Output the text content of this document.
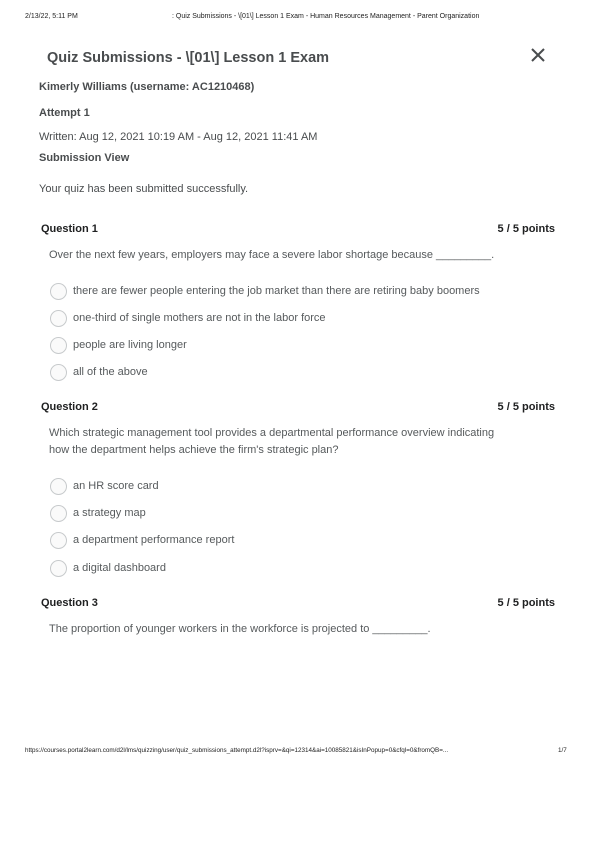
2/13/22, 5:11 PM	: Quiz Submissions - \[01\] Lesson 1 Exam - Human Resources Management - Parent Organization
Quiz Submissions - \[01\] Lesson 1 Exam
Kimerly Williams (username: AC1210468)
Attempt 1
Written: Aug 12, 2021 10:19 AM - Aug 12, 2021 11:41 AM
Submission View
Your quiz has been submitted successfully.
Question 1	5 / 5 points
Over the next few years, employers may face a severe labor shortage because _________.
there are fewer people entering the job market than there are retiring baby boomers
one-third of single mothers are not in the labor force
people are living longer
all of the above
Question 2	5 / 5 points
Which strategic management tool provides a departmental performance overview indicating
how the department helps achieve the firm's strategic plan?
an HR score card
a strategy map
a department performance report
a digital dashboard
Question 3	5 / 5 points
The proportion of younger workers in the workforce is projected to _________.
https://courses.portal2learn.com/d2l/lms/quizzing/user/quiz_submissions_attempt.d2l?isprv=&qi=12314&ai=10085821&isInPopup=0&cfql=0&fromQB=...	1/7
